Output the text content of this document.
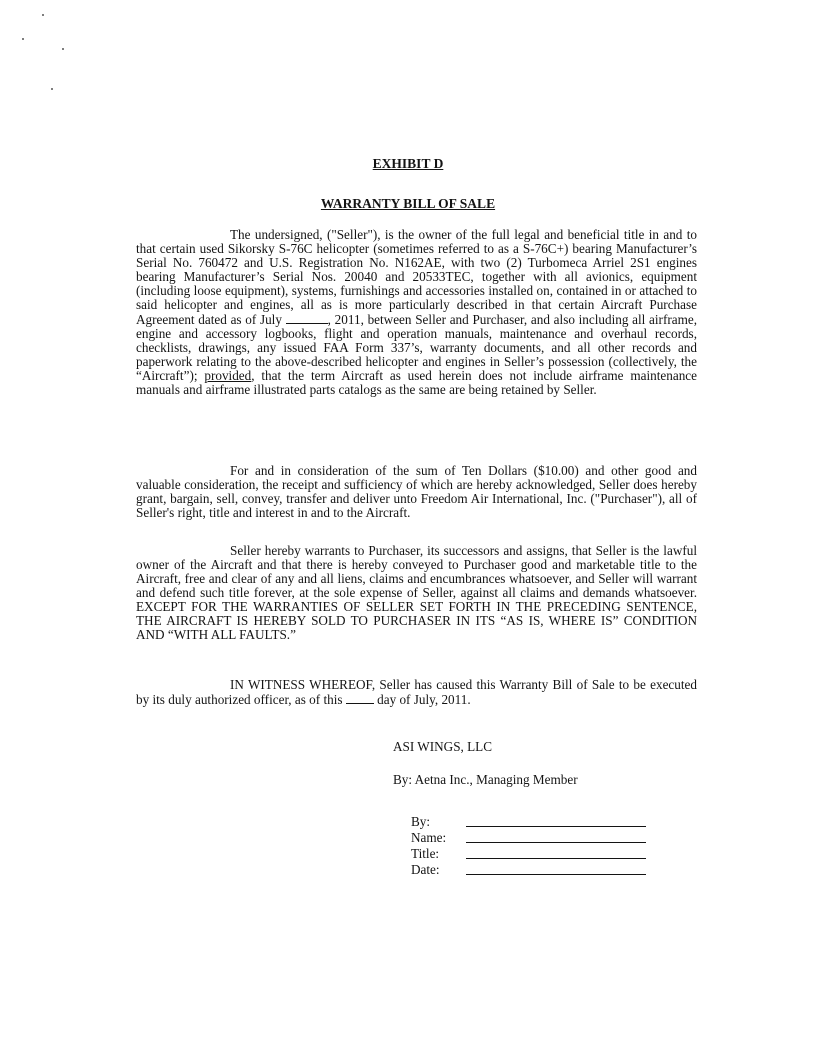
EXHIBIT D
WARRANTY BILL OF SALE

The undersigned, ("Seller"), is the owner of the full legal and beneficial title in and to that certain used Sikorsky S-76C helicopter (sometimes referred to as a S-76C+) bearing Manufacturer’s Serial No. 760472 and U.S. Registration No. N162AE, with two (2) Turbomeca Arriel 2S1 engines bearing Manufacturer’s Serial Nos. 20040 and 20533TEC, together with all avionics, equipment (including loose equipment), systems, furnishings and accessories installed on, contained in or attached to said helicopter and engines, all as is more particularly described in that certain Aircraft Purchase Agreement dated as of July	, 2011, between Seller and Purchaser, and also including all airframe, engine and accessory logbooks, flight and operation manuals, maintenance and overhaul records, checklists, drawings, any issued FAA Form 337’s, warranty documents, and all other records and paperwork relating to the above-described helicopter and engines in Seller’s possession (collectively, the “Aircraft”); provided, that the term Aircraft as used herein does not include airframe maintenance manuals and airframe illustrated parts catalogs as the same are being retained by Seller.

For and in consideration of the sum of Ten Dollars ($10.00) and other good and valuable consideration, the receipt and sufficiency of which are hereby acknowledged, Seller does hereby grant, bargain, sell, convey, transfer and deliver unto Freedom Air International, Inc. ("Purchaser"), all of Seller's right, title and interest in and to the Aircraft.

Seller hereby warrants to Purchaser, its successors and assigns, that Seller is the lawful owner of the Aircraft and that there is hereby conveyed to Purchaser good and marketable title to the Aircraft, free and clear of any and all liens, claims and encumbrances whatsoever, and Seller will warrant and defend such title forever, at the sole expense of Seller, against all claims and demands whatsoever. EXCEPT FOR THE WARRANTIES OF SELLER SET FORTH IN THE PRECEDING SENTENCE, THE AIRCRAFT IS HEREBY SOLD TO PURCHASER IN ITS “AS IS, WHERE IS” CONDITION AND “WITH ALL FAULTS.”

IN WITNESS WHEREOF, Seller has caused this Warranty Bill of Sale to be executed by its duly authorized officer, as of this	day of July, 2011.

ASI WINGS, LLC

By: Aetna Inc., Managing Member

By:
Name:
Title:
Date:
